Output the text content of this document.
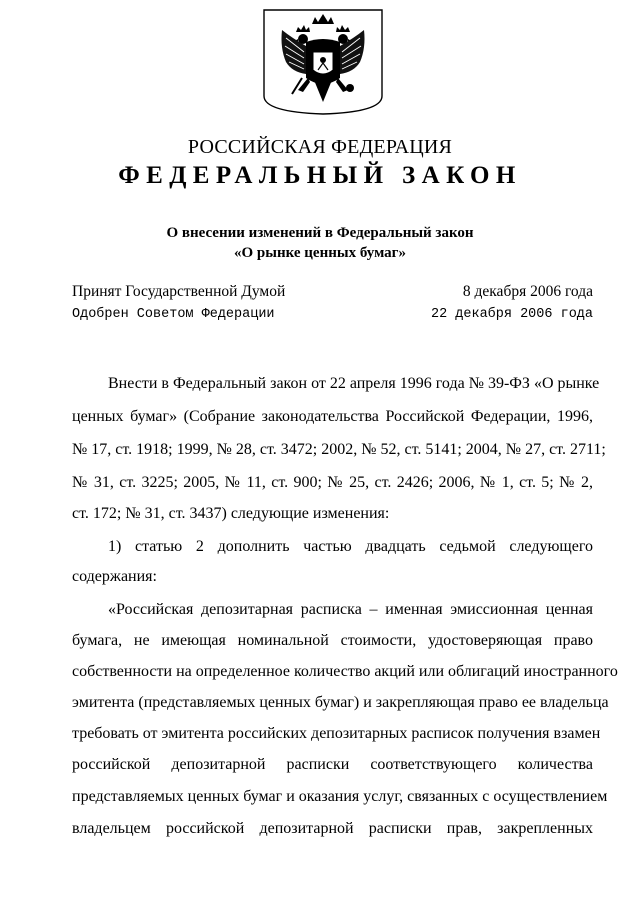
РОССИЙСКАЯ ФЕДЕРАЦИЯ
ФЕДЕРАЛЬНЫЙ ЗАКОН
О внесении изменений в Федеральный закон
«О рынке ценных бумаг»
Принят Государственной Думой	8 декабря 2006 года
Одобрен Советом Федерации	22 декабря 2006 года
Внести в Федеральный закон от 22 апреля 1996 года № 39-ФЗ «О рынке
ценных бумаг» (Собрание законодательства Российской Федерации, 1996,
№ 17, ст. 1918; 1999, № 28, ст. 3472; 2002, № 52, ст. 5141; 2004, № 27, ст. 2711;
№ 31, ст. 3225; 2005, № 11, ст. 900; № 25, ст. 2426; 2006, № 1, ст. 5; № 2,
ст. 172; № 31, ст. 3437) следующие изменения:
1) статью 2 дополнить частью двадцать седьмой следующего
содержания:
«Российская депозитарная расписка – именная эмиссионная ценная
бумага, не имеющая номинальной стоимости, удостоверяющая право
собственности на определенное количество акций или облигаций иностранного
эмитента (представляемых ценных бумаг) и закрепляющая право ее владельца
требовать от эмитента российских депозитарных расписок получения взамен
российской депозитарной расписки соответствующего количества
представляемых ценных бумаг и оказания услуг, связанных с осуществлением
владельцем российской депозитарной расписки прав, закрепленных
